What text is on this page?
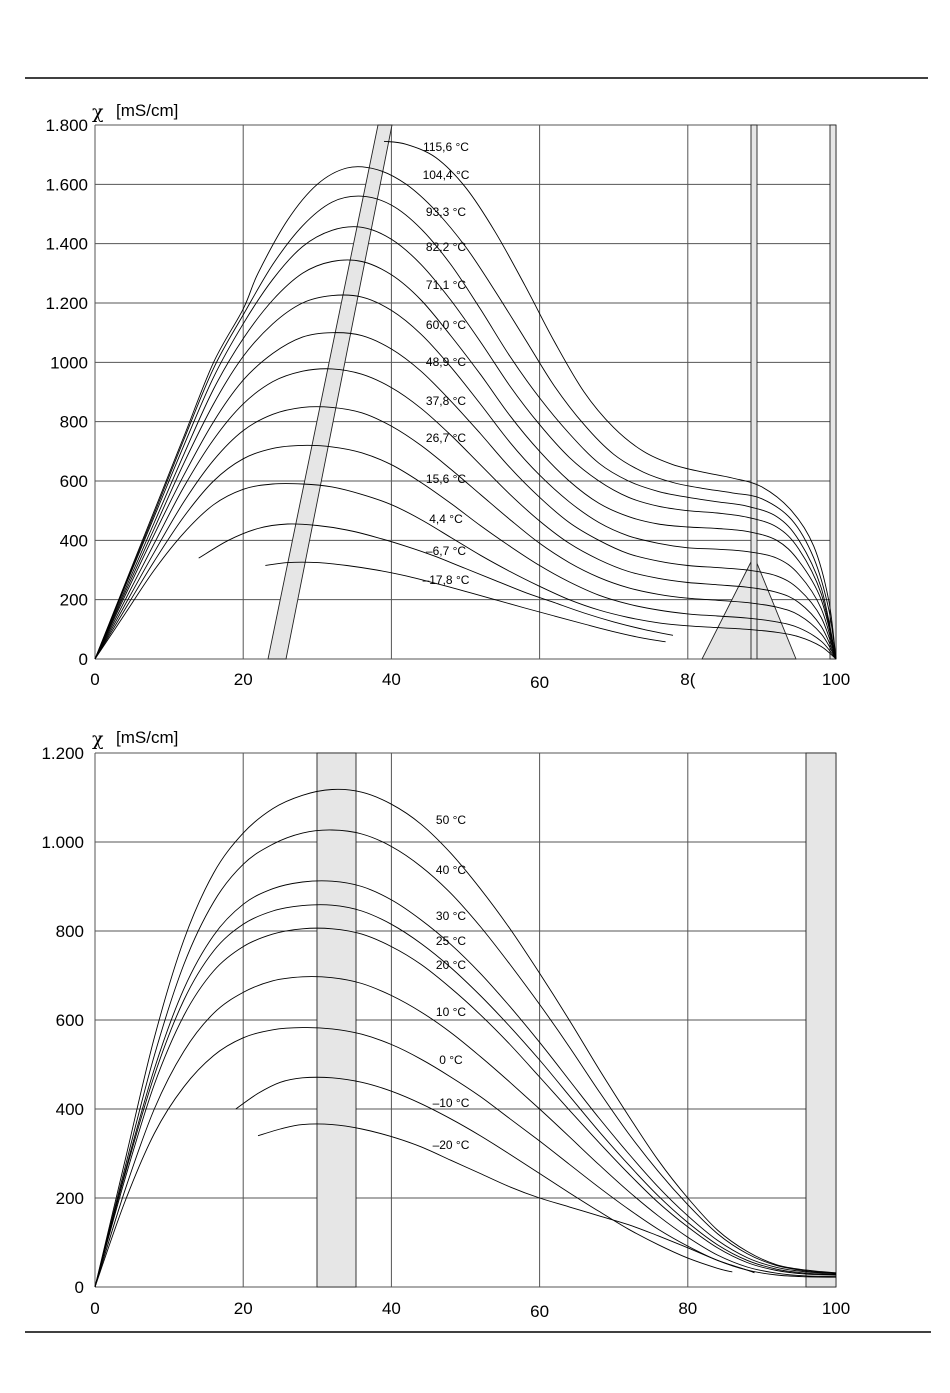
115,6 °C
104,4 °C
93,3 °C
82,2 °C
71,1 °C
60,0 °C
48,9 °C
37,8 °C
26,7 °C
15,6 °C
4,4 °C
–6,7 °C
–17,8 °C
0
200
400
600
800
1000
1.200
1.400
1.600
1.800
0	20	40	60	8(	100
χ [mS/cm]
50 °C
40 °C
30 °C
25 °C
20 °C
10 °C
0 °C
–10 °C
–20 °C
0
200
400
600
800
1.000
1.200
0	20	40	60	80	100
χ [mS/cm]
